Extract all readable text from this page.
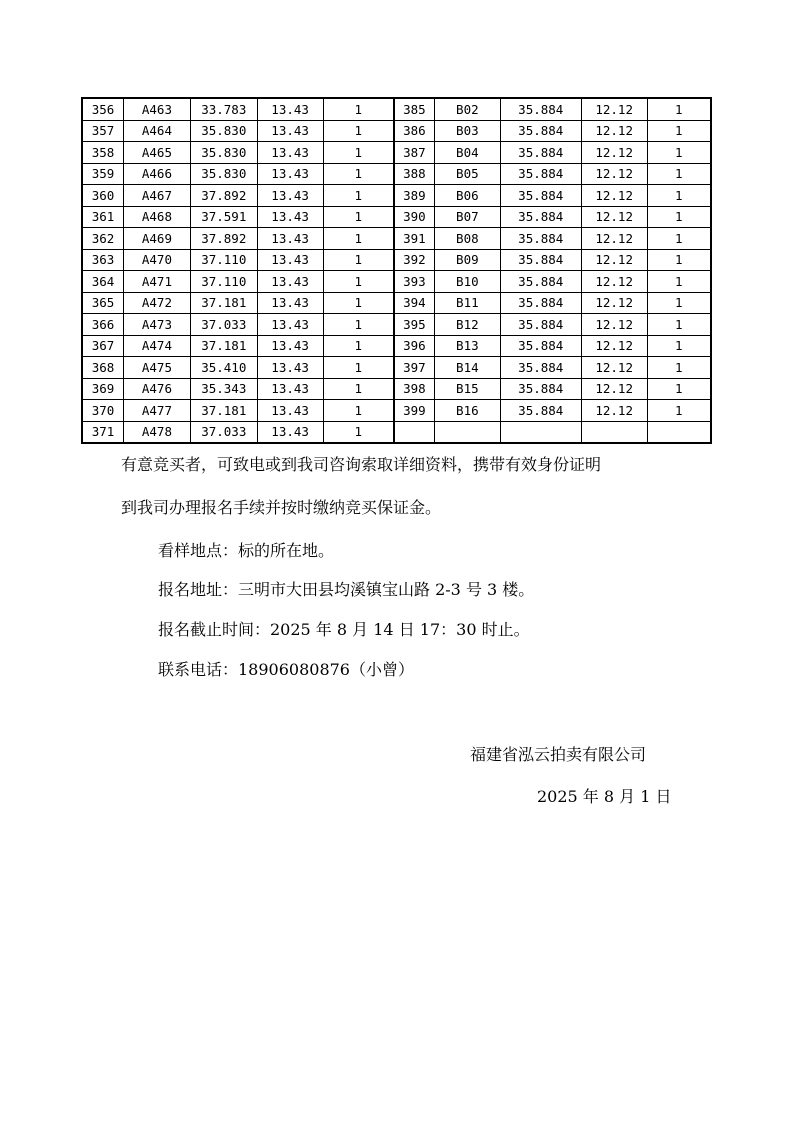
356	A463	33.783	13.43	1	385	B02	35.884	12.12	1
357	A464	35.830	13.43	1	386	B03	35.884	12.12	1
358	A465	35.830	13.43	1	387	B04	35.884	12.12	1
359	A466	35.830	13.43	1	388	B05	35.884	12.12	1
360	A467	37.892	13.43	1	389	B06	35.884	12.12	1
361	A468	37.591	13.43	1	390	B07	35.884	12.12	1
362	A469	37.892	13.43	1	391	B08	35.884	12.12	1
363	A470	37.110	13.43	1	392	B09	35.884	12.12	1
364	A471	37.110	13.43	1	393	B10	35.884	12.12	1
365	A472	37.181	13.43	1	394	B11	35.884	12.12	1
366	A473	37.033	13.43	1	395	B12	35.884	12.12	1
367	A474	37.181	13.43	1	396	B13	35.884	12.12	1
368	A475	35.410	13.43	1	397	B14	35.884	12.12	1
369	A476	35.343	13.43	1	398	B15	35.884	12.12	1
370	A477	37.181	13.43	1	399	B16	35.884	12.12	1
371	A478	37.033	13.43	1					
有意竞买者，可致电或到我司咨询索取详细资料，携带有效身份证明
到我司办理报名手续并按时缴纳竞买保证金。
看样地点：标的所在地。
报名地址：三明市大田县均溪镇宝山路 2-3 号 3 楼。
报名截止时间：2025 年 8 月 14 日 17：30 时止。
联系电话：18906080876（小曾）
福建省泓云拍卖有限公司
2025 年 8 月 1 日
